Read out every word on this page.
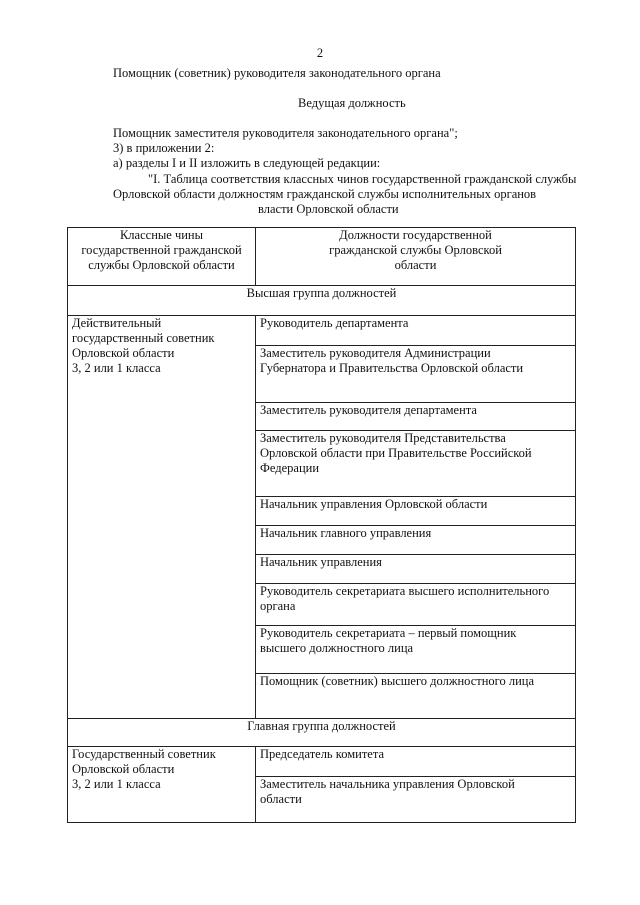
2
Помощник (советник) руководителя законодательного органа
Ведущая должность
Помощник заместителя руководителя законодательного органа";
3) в приложении 2:
а) разделы I и II изложить в следующей редакции:
"I. Таблица соответствия классных чинов государственной гражданской службы
Орловской области должностям гражданской службы исполнительных органов
власти Орловской области
Классные чины
государственной гражданской
службы Орловской области	Должности государственной
гражданской службы Орловской
области
Высшая группа должностей	
Действительный
государственный советник
Орловской области
3, 2 или 1 класса	Руководитель департамента
	Заместитель руководителя Администрации
Губернатора и Правительства Орловской области
	Заместитель руководителя департамента
	Заместитель руководителя Представительства
Орловской области при Правительстве Российской
Федерации
	Начальник управления Орловской области
	Начальник главного управления
	Начальник управления
	Руководитель секретариата высшего исполнительного
органа
	Руководитель секретариата – первый помощник
высшего должностного лица
	Помощник (советник) высшего должностного лица
Главная группа должностей	
Государственный советник
Орловской области
3, 2 или 1 класса	Председатель комитета
	Заместитель начальника управления Орловской
области
